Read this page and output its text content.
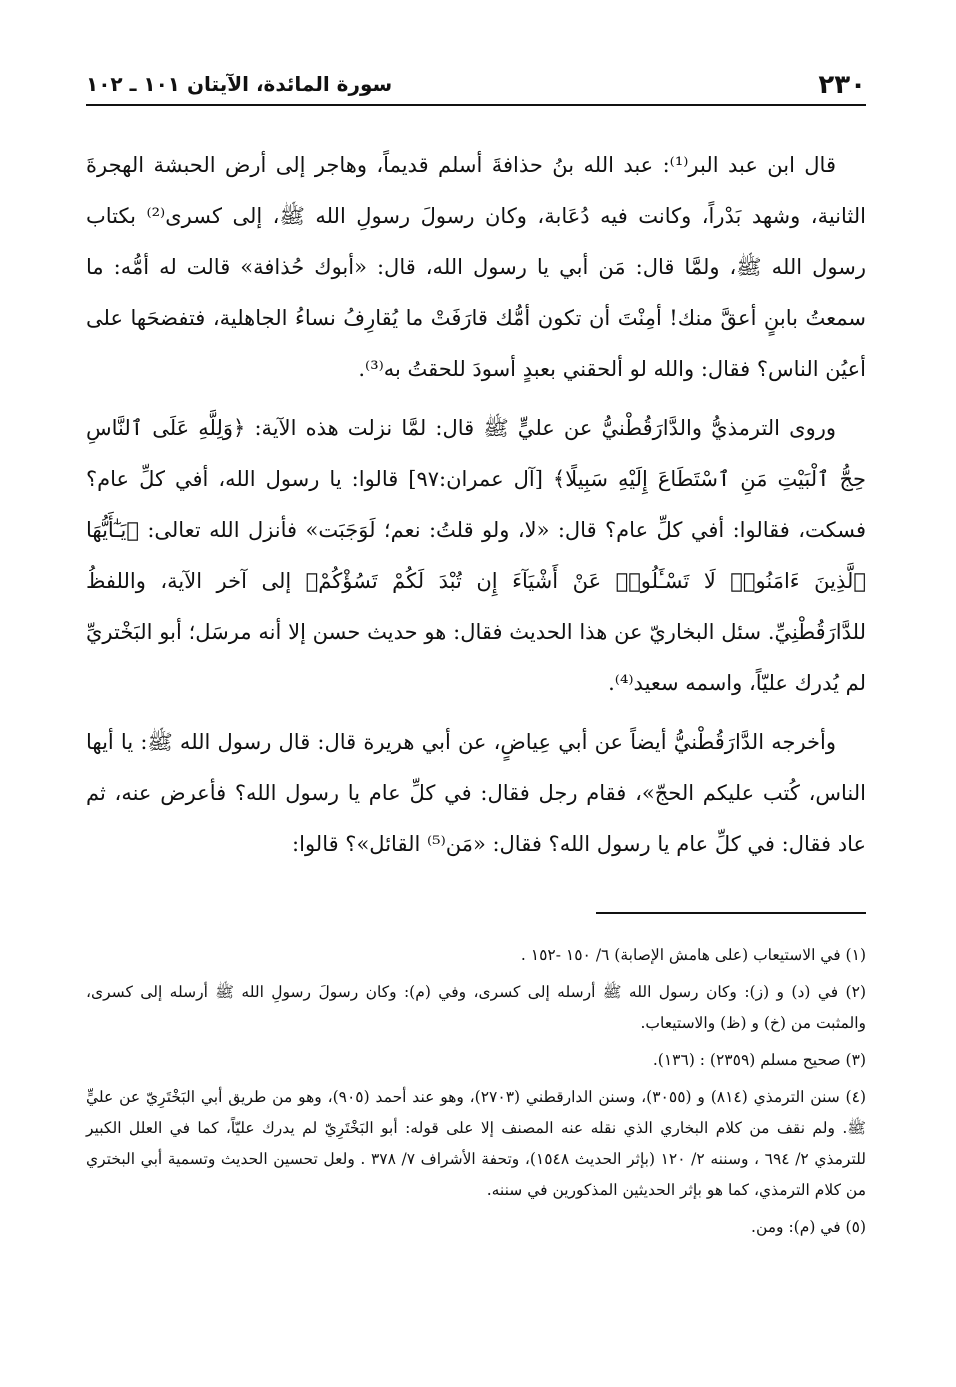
٢٣٠
سورة المائدة، الآيتان ١٠١ ـ ١٠٢

قال ابن عبد البر⁽¹⁾: عبد الله بنُ حذافةَ أسلم قديماً، وهاجر إلى أرض الحبشة الهجرةَ الثانية، وشهد بَدْراً، وكانت فيه دُعَابة، وكان رسولَ رسولِ الله ﷺ، إلى كسرى⁽²⁾ بكتاب رسول الله ﷺ، ولمَّا قال: مَن أبي يا رسول الله، قال: «أبوك حُذافة» قالت له أمُّه: ما سمعتُ بابنٍ أعقَّ منك! أمِنْتَ أن تكون أمُّك قارَفَتْ ما يُقارِفُ نساءُ الجاهلية، فتفضحَها على أعيُن الناس؟ فقال: والله لو ألحقني بعبدٍ أسودَ للحقتُ به⁽³⁾.

وروى الترمذيُّ والدَّارَقُطْنيُّ عن عليٍّ ﷺ قال: لمَّا نزلت هذه الآية: ﴿وَلِلَّهِ عَلَى ٱلنَّاسِ حِجُّ ٱلْبَيْتِ مَنِ ٱسْتَطَاعَ إِلَيْهِ سَبِيلًا﴾ [آل عمران:٩٧] قالوا: يا رسول الله، أفي كلِّ عام؟ فسكت، فقالوا: أفي كلِّ عام؟ قال: «لا، ولو قلتُ: نعم؛ لَوَجَبَت» فأنزل الله تعالى: ﴿يَـٰٓأَيُّهَا ٱلَّذِينَ ءَامَنُوا۟ لَا تَسْـَٔلُوا۟ عَنْ أَشْيَآءَ إِن تُبْدَ لَكُمْ تَسُؤْكُمْ﴾ إلى آخر الآية، واللفظُ للدَّارَقُطْنِيِّ. سئل البخاريّ عن هذا الحديث فقال: هو حديث حسن إلا أنه مرسَل؛ أبو البَخْتريِّ لم يُدرك عليّاً، واسمه سعيد⁽⁴⁾.

وأخرجه الدَّارَقُطْنيُّ أيضاً عن أبي عِياضٍ، عن أبي هريرة قال: قال رسول الله ﷺ: يا أيها الناس، كُتب عليكم الحجّ»، فقام رجل فقال: في كلِّ عام يا رسول الله؟ فأعرض عنه، ثم عاد فقال: في كلِّ عام يا رسول الله؟ فقال: «مَن⁽⁵⁾ القائل»؟ قالوا:

(١) في الاستيعاب (على هامش الإصابة) ٦/ ١٥٠ -١٥٢ .

(٢) في (د) و (ز): وكان رسول الله ﷺ أرسله إلى كسرى، وفي (م): وكان رسولَ رسولِ الله ﷺ أرسله إلى كسرى، والمثبت من (خ) و (ظ) والاستيعاب.

(٣) صحيح مسلم (٢٣٥٩) : (١٣٦).

(٤) سنن الترمذي (٨١٤) و (٣٠٥٥)، وسنن الدارقطني (٢٧٠٣)، وهو عند أحمد (٩٠٥)، وهو من طريق أبي البَخْتَرِيّ عن عليٍّ ﷺ. ولم نقف من كلام البخاري الذي نقله عنه المصنف إلا على قوله: أبو البَخْتَرِيّ لم يدرك عليّاً، كما في العلل الكبير للترمذي ٢/ ٦٩٤ ، وسننه ٢/ ١٢٠ (بإثر الحديث ١٥٤٨)، وتحفة الأشراف ٧/ ٣٧٨ . ولعل تحسين الحديث وتسمية أبي البختري من كلام الترمذي، كما هو بإثر الحديثين المذكورين في سننه.

(٥) في (م): ومن.
